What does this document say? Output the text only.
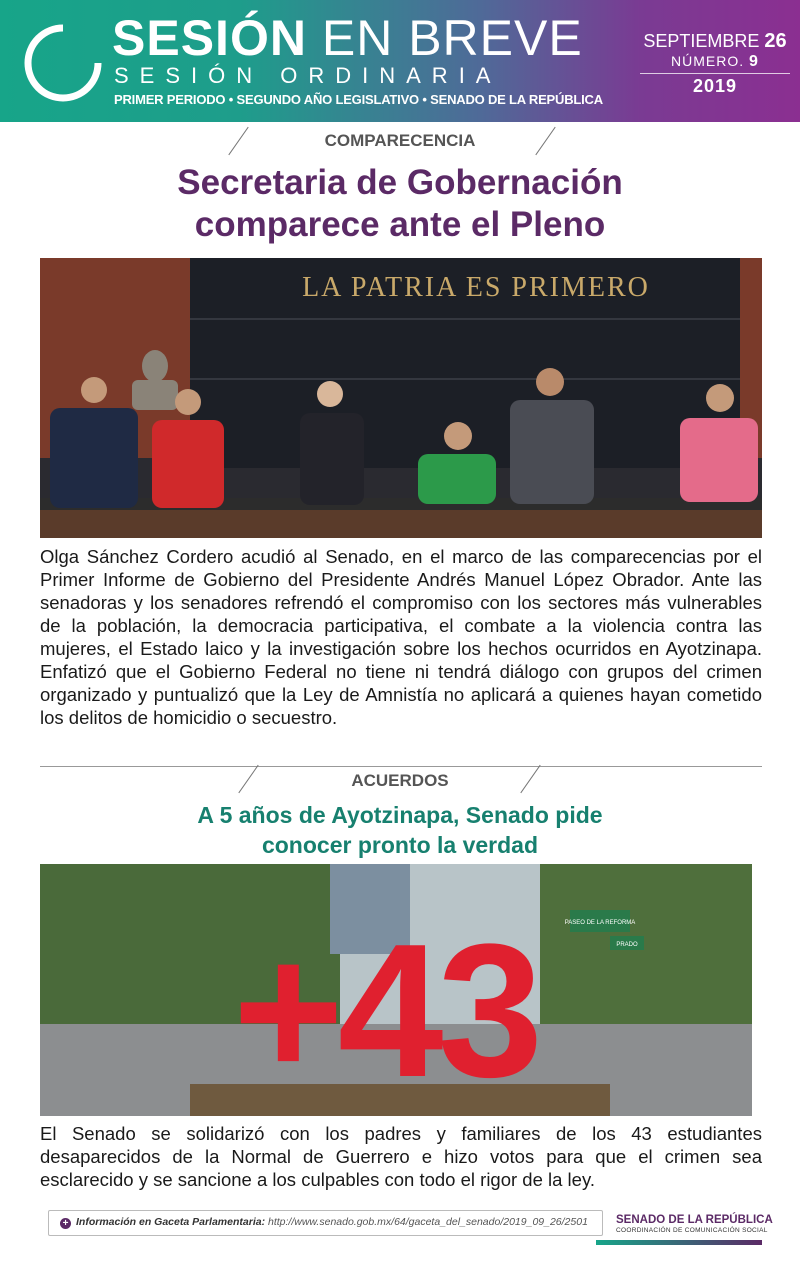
SESIÓN EN BREVE
SESIÓN ORDINARIA
PRIMER PERIODO • SEGUNDO AÑO LEGISLATIVO • SENADO DE LA REPÚBLICA
SEPTIEMBRE 26
NÚMERO. 9
2019
COMPARECENCIA
Secretaria de Gobernación
comparece ante el Pleno
LA PATRIA ES PRIMERO
Olga Sánchez Cordero acudió al Senado, en el marco de las comparecencias por el Primer Informe de Gobierno del Presidente Andrés Manuel López Obrador. Ante las senadoras y los senadores refrendó el compromiso con los sectores más vulnerables de la población, la democracia participativa, el combate a la violencia contra las mujeres, el Estado laico y la investigación sobre los hechos ocurridos en Ayotzinapa. Enfatizó que el Gobierno Federal no tiene ni tendrá diálogo con grupos del crimen organizado y puntualizó que la Ley de Amnistía no aplicará a quienes hayan cometido los delitos de homicidio o secuestro.
ACUERDOS
A 5 años de Ayotzinapa, Senado pide
conocer pronto la verdad
PASEO DE LA REFORMA
PRADO
+43
El Senado se solidarizó con los padres y familiares de los 43 estudiantes desaparecidos de la Normal de Guerrero e hizo votos para que el crimen sea esclarecido y se sancione a los culpables con todo el rigor de la ley.
+ Información en Gaceta Parlamentaria: http://www.senado.gob.mx/64/gaceta_del_senado/2019_09_26/2501 SENADO DE LA REPÚBLICA
COORDINACIÓN DE COMUNICACIÓN SOCIAL
